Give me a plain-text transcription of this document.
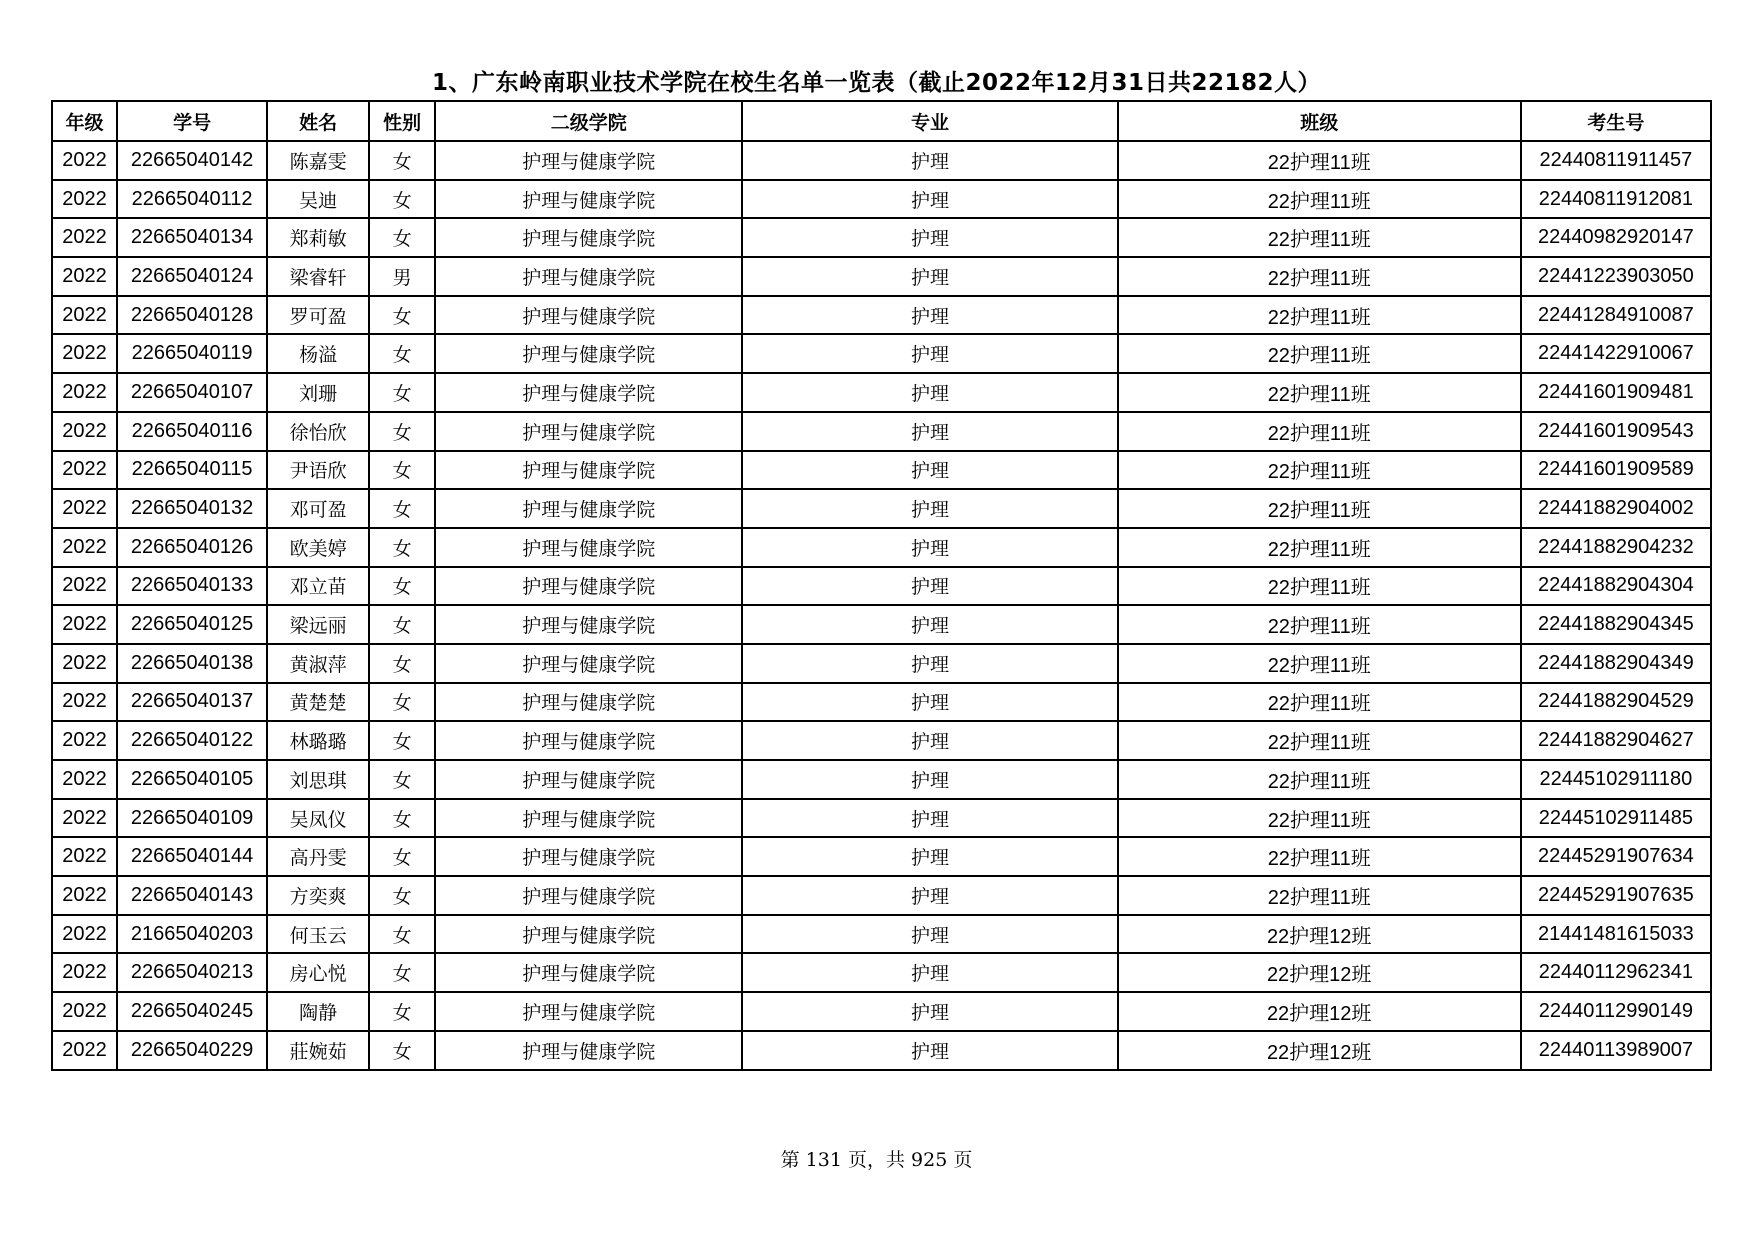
1、广东岭南职业技术学院在校生名单一览表（截止2022年12月31日共22182人）
年级	学号	姓名	性别	二级学院	专业	班级	考生号
2022	22665040142	陈嘉雯	女	护理与健康学院	护理	22护理11班	22440811911457
2022	22665040112	吴迪	女	护理与健康学院	护理	22护理11班	22440811912081
2022	22665040134	郑莉敏	女	护理与健康学院	护理	22护理11班	22440982920147
2022	22665040124	梁睿轩	男	护理与健康学院	护理	22护理11班	22441223903050
2022	22665040128	罗可盈	女	护理与健康学院	护理	22护理11班	22441284910087
2022	22665040119	杨溢	女	护理与健康学院	护理	22护理11班	22441422910067
2022	22665040107	刘珊	女	护理与健康学院	护理	22护理11班	22441601909481
2022	22665040116	徐怡欣	女	护理与健康学院	护理	22护理11班	22441601909543
2022	22665040115	尹语欣	女	护理与健康学院	护理	22护理11班	22441601909589
2022	22665040132	邓可盈	女	护理与健康学院	护理	22护理11班	22441882904002
2022	22665040126	欧美婷	女	护理与健康学院	护理	22护理11班	22441882904232
2022	22665040133	邓立苗	女	护理与健康学院	护理	22护理11班	22441882904304
2022	22665040125	梁远丽	女	护理与健康学院	护理	22护理11班	22441882904345
2022	22665040138	黄淑萍	女	护理与健康学院	护理	22护理11班	22441882904349
2022	22665040137	黄楚楚	女	护理与健康学院	护理	22护理11班	22441882904529
2022	22665040122	林璐璐	女	护理与健康学院	护理	22护理11班	22441882904627
2022	22665040105	刘思琪	女	护理与健康学院	护理	22护理11班	22445102911180
2022	22665040109	吴凤仪	女	护理与健康学院	护理	22护理11班	22445102911485
2022	22665040144	高丹雯	女	护理与健康学院	护理	22护理11班	22445291907634
2022	22665040143	方奕爽	女	护理与健康学院	护理	22护理11班	22445291907635
2022	21665040203	何玉云	女	护理与健康学院	护理	22护理12班	21441481615033
2022	22665040213	房心悦	女	护理与健康学院	护理	22护理12班	22440112962341
2022	22665040245	陶静	女	护理与健康学院	护理	22护理12班	22440112990149
2022	22665040229	莊婉茹	女	护理与健康学院	护理	22护理12班	22440113989007
第 131 页，共 925 页
